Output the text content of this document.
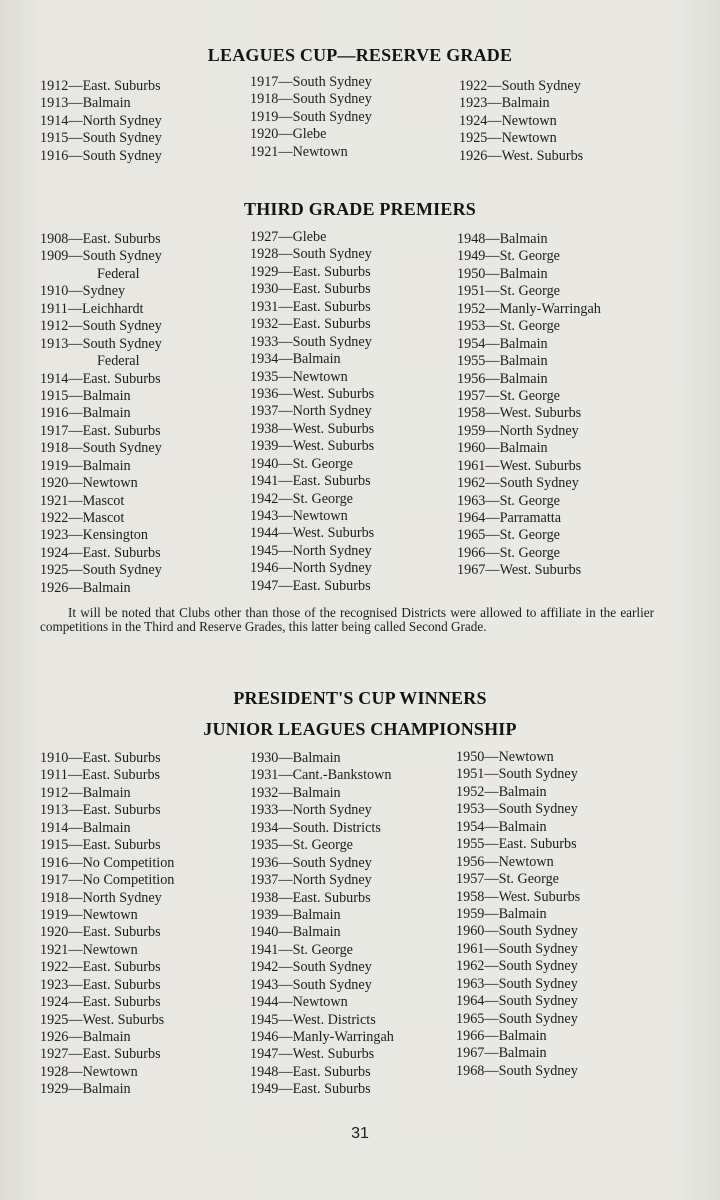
LEAGUES CUP—RESERVE GRADE
1912—East. Suburbs
1913—Balmain
1914—North Sydney
1915—South Sydney
1916—South Sydney
1917—South Sydney
1918—South Sydney
1919—South Sydney
1920—Glebe
1921—Newtown
1922—South Sydney
1923—Balmain
1924—Newtown
1925—Newtown
1926—West. Suburbs
THIRD GRADE PREMIERS
1908—East. Suburbs
1909—South Sydney
Federal
1910—Sydney
1911—Leichhardt
1912—South Sydney
1913—South Sydney
Federal
1914—East. Suburbs
1915—Balmain
1916—Balmain
1917—East. Suburbs
1918—South Sydney
1919—Balmain
1920—Newtown
1921—Mascot
1922—Mascot
1923—Kensington
1924—East. Suburbs
1925—South Sydney
1926—Balmain
1927—Glebe
1928—South Sydney
1929—East. Suburbs
1930—East. Suburbs
1931—East. Suburbs
1932—East. Suburbs
1933—South Sydney
1934—Balmain
1935—Newtown
1936—West. Suburbs
1937—North Sydney
1938—West. Suburbs
1939—West. Suburbs
1940—St. George
1941—East. Suburbs
1942—St. George
1943—Newtown
1944—West. Suburbs
1945—North Sydney
1946—North Sydney
1947—East. Suburbs
1948—Balmain
1949—St. George
1950—Balmain
1951—St. George
1952—Manly-Warringah
1953—St. George
1954—Balmain
1955—Balmain
1956—Balmain
1957—St. George
1958—West. Suburbs
1959—North Sydney
1960—Balmain
1961—West. Suburbs
1962—South Sydney
1963—St. George
1964—Parramatta
1965—St. George
1966—St. George
1967—West. Suburbs
It will be noted that Clubs other than those of the recognised Districts were allowed to affiliate in the earlier competitions in the Third and Reserve Grades, this latter being called Second Grade.
PRESIDENT'S CUP WINNERS
JUNIOR LEAGUES CHAMPIONSHIP
1910—East. Suburbs
1911—East. Suburbs
1912—Balmain
1913—East. Suburbs
1914—Balmain
1915—East. Suburbs
1916—No Competition
1917—No Competition
1918—North Sydney
1919—Newtown
1920—East. Suburbs
1921—Newtown
1922—East. Suburbs
1923—East. Suburbs
1924—East. Suburbs
1925—West. Suburbs
1926—Balmain
1927—East. Suburbs
1928—Newtown
1929—Balmain
1930—Balmain
1931—Cant.-Bankstown
1932—Balmain
1933—North Sydney
1934—South. Districts
1935—St. George
1936—South Sydney
1937—North Sydney
1938—East. Suburbs
1939—Balmain
1940—Balmain
1941—St. George
1942—South Sydney
1943—South Sydney
1944—Newtown
1945—West. Districts
1946—Manly-Warringah
1947—West. Suburbs
1948—East. Suburbs
1949—East. Suburbs
1950—Newtown
1951—South Sydney
1952—Balmain
1953—South Sydney
1954—Balmain
1955—East. Suburbs
1956—Newtown
1957—St. George
1958—West. Suburbs
1959—Balmain
1960—South Sydney
1961—South Sydney
1962—South Sydney
1963—South Sydney
1964—South Sydney
1965—South Sydney
1966—Balmain
1967—Balmain
1968—South Sydney
31
